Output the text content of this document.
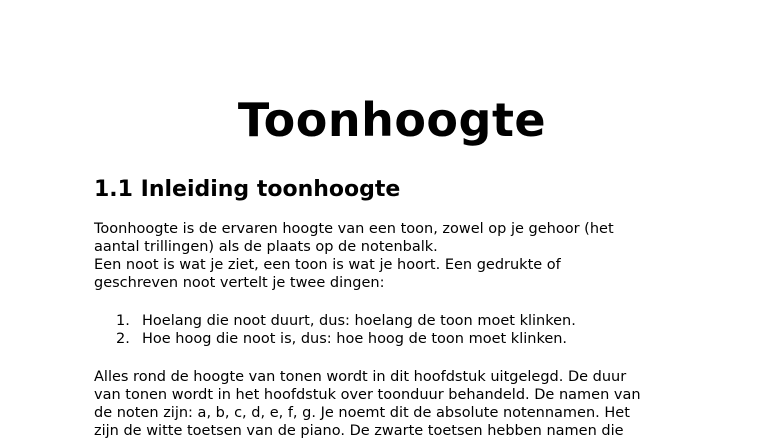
Toonhoogte
1.1 Inleiding toonhoogte

Toonhoogte is de ervaren hoogte van een toon, zowel op je gehoor (het

aantal trillingen) als de plaats op de notenbalk.

Een noot is wat je ziet, een toon is wat je hoort. Een gedrukte of

geschreven noot vertelt je twee dingen:

1. Hoelang die noot duurt, dus: hoelang de toon moet klinken.
2. Hoe hoog die noot is, dus: hoe hoog de toon moet klinken.

Alles rond de hoogte van tonen wordt in dit hoofdstuk uitgelegd. De duur

van tonen wordt in het hoofdstuk over toonduur behandeld. De namen van

de noten zijn: a, b, c, d, e, f, g. Je noemt dit de absolute notennamen. Het

zijn de witte toetsen van de piano. De zwarte toetsen hebben namen die
